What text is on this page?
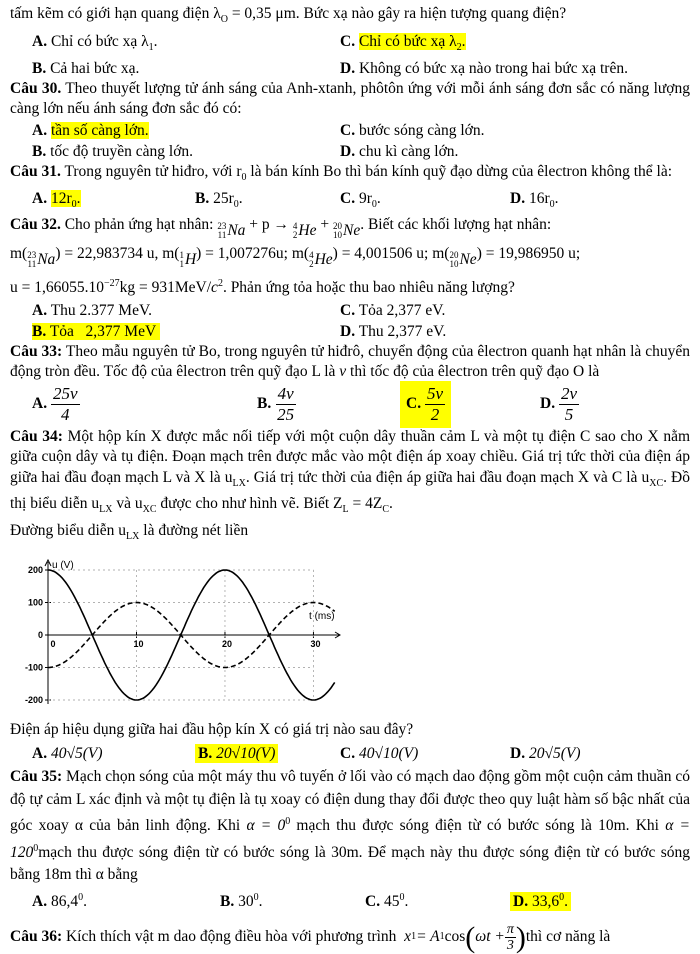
tấm kẽm có giới hạn quang điện $\lambda_O = 0,35$ μm. Bức xạ nào gây ra hiện tượng quang điện?
A. Chỉ có bức xạ $\lambda_1$.	C. Chỉ có bức xạ $\lambda_2$.
B. Cả hai bức xạ.	D. Không có bức xạ nào trong hai bức xạ trên.
Câu 30. Theo thuyết lượng tử ánh sáng của Anh-xtanh, phôtôn ứng với mỗi ánh sáng đơn sắc có năng lượng càng lớn nếu ánh sáng đơn sắc đó có:
A. tần số càng lớn.	C. bước sóng càng lớn.
B. tốc độ truyền càng lớn.	D. chu kì càng lớn.
Câu 31. Trong nguyên tử hiđro, với $r_0$ là bán kính Bo thì bán kính quỹ đạo dừng của êlectron không thể là:
A. $12r_0$.	B. $25r_0$.	C. $9r_0$.	D. $16r_0$.
Câu 32. Cho phản ứng hạt nhân: 23
11 Na + p → 4
2 He + 20
10 Ne . Biết các khối lượng hạt nhân:
m( 23
11 Na ) = 22,983734 u, m( 1
1 H ) = 1,007276u; m( 4
2 He ) = 4,001506 u; m( 20
10 Ne ) = 19,986950 u;
$u = 1,66055.10^{-27}kg = 931MeV/c^2$. Phản ứng tỏa hoặc thu bao nhiêu năng lượng?
A. Thu 2.377 MeV.	C. Tỏa 2,377 eV.
B. Tỏa   2,377 MeV	D. Thu 2,377 eV.
Câu 33: Theo mẫu nguyên tử Bo, trong nguyên tử hiđrô, chuyển động của êlectron quanh hạt nhân là chuyển động tròn đều. Tốc độ của êlectron trên quỹ đạo L là v thì tốc độ của êlectron trên quỹ đạo O là
A. $\frac{25v}{4}$	B. $\frac{4v}{25}$	C. $\frac{5v}{2}$	D. $\frac{2v}{5}$
Câu 34: Một hộp kín X được mắc nối tiếp với một cuộn dây thuần cảm L và một tụ điện C sao cho X nằm giữa cuộn dây và tụ điện. Đoạn mạch trên được mắc vào một điện áp xoay chiều. Giá trị tức thời của điện áp giữa hai đầu đoạn mạch L và X là $u_{LX}$. Giá trị tức thời của điện áp giữa hai đầu đoạn mạch X và C là $u_{XC}$. Đồ thị biểu diễn $u_{LX}$ và $u_{XC}$ được cho như hình vẽ. Biết $Z_L = 4Z_C$.
Đường biểu diễn $u_{LX}$ là đường nét liền
u (V)
t (ms)
200
100
0
-100
-200
0	10	20	30
Điện áp hiệu dụng giữa hai đầu hộp kín X có giá trị nào sau đây?
A. 40√5(V)	B. 20√10(V)	C. 40√10(V)	D. 20√5(V)
Câu 35: Mạch chọn sóng của một máy thu vô tuyến ở lối vào có mạch dao động gồm một cuộn cảm thuần có độ tự cảm L xác định và một tụ điện là tụ xoay có điện dung thay đổi được theo quy luật hàm số bậc nhất của góc xoay α của bản linh động. Khi $\alpha = 0^0$ mạch thu được sóng điện từ có bước sóng là 10m. Khi $\alpha = 120^0mạch$ thu được sóng điện từ có bước sóng là 30m. Để mạch này thu được sóng điện từ có bước sóng bằng 18m thì α bằng
A. 86,4$^0$.	B. $30^0$.	C. $45^0$.	D. 33,6$^0$.
Câu 36:
Kích thích vật m dao động điều hòa với phương trình
x 1 = A 1 cos ( $\omega t + \frac{\pi}{3}$ ) thì cơ năng là
